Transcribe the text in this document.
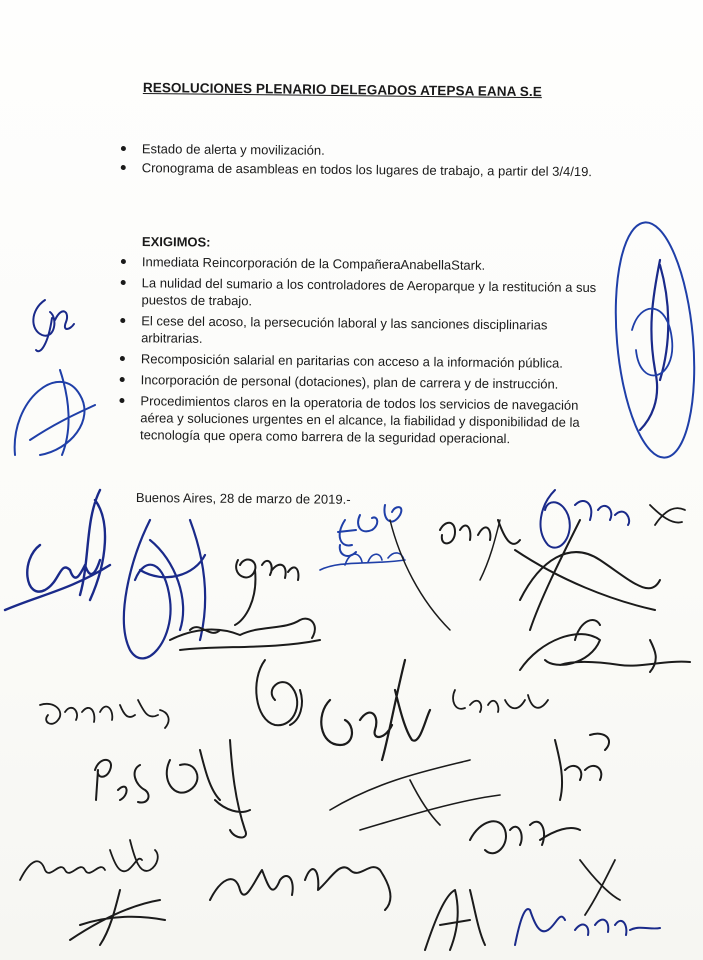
RESOLUCIONES PLENARIO DELEGADOS ATEPSA EANA S.E
Estado de alerta y movilización.
Cronograma de asambleas en todos los lugares de trabajo, a partir del 3/4/19.
EXIGIMOS:
Inmediata Reincorporación de la CompañeraAnabellaStark.
La nulidad del sumario a los controladores de Aeroparque y la restitución a sus puestos de trabajo.
El cese del acoso, la persecución laboral y las sanciones disciplinarias arbitrarias.
Recomposición salarial en paritarias con acceso a la información pública.
Incorporación de personal (dotaciones), plan de carrera y de instrucción.
Procedimientos claros en la operatoria de todos los servicios de navegación aérea y soluciones urgentes en el alcance, la fiabilidad y disponibilidad de la tecnología que opera como barrera de la seguridad operacional.
Buenos Aires, 28 de marzo de 2019.-
